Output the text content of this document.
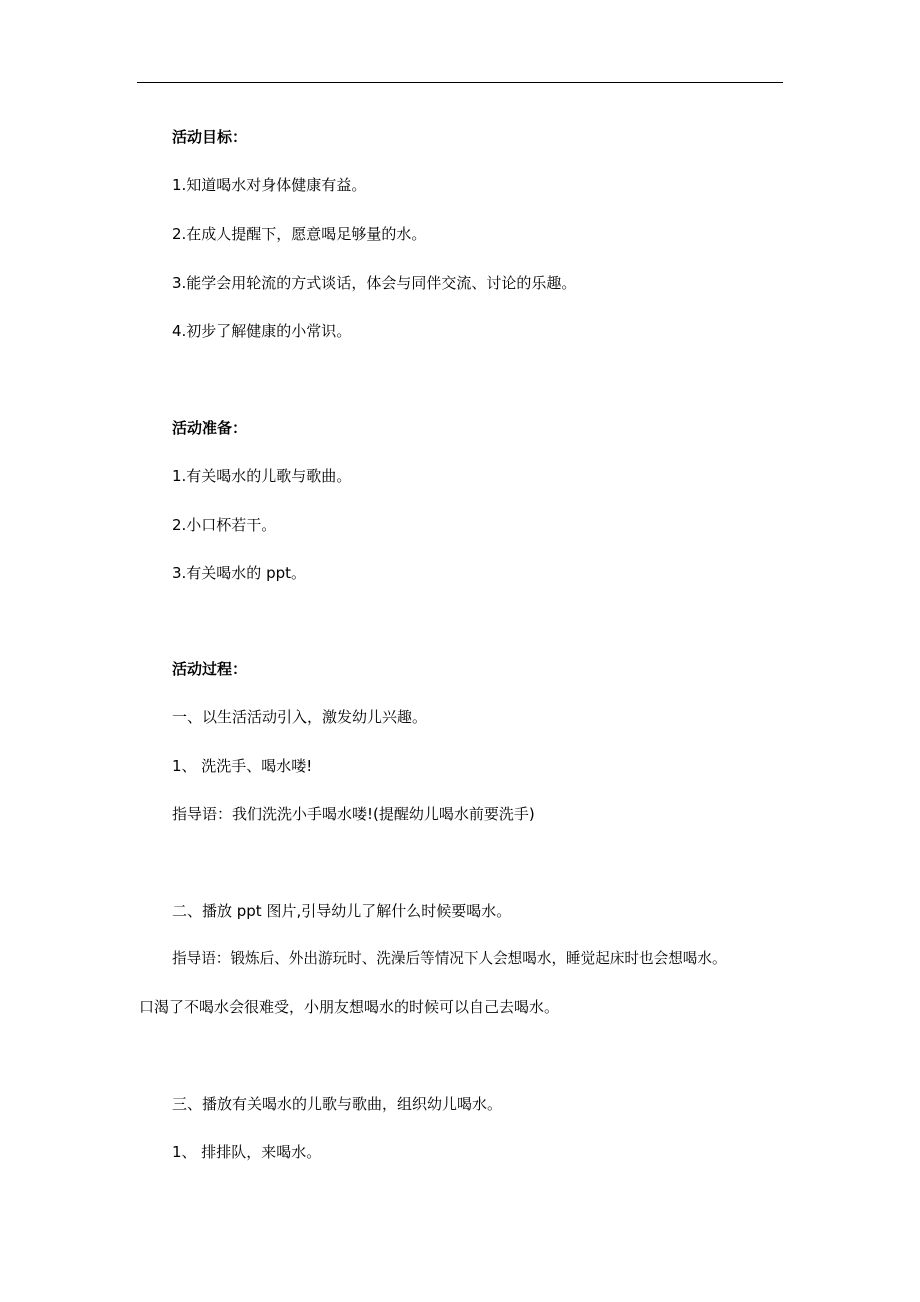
活动目标：
1.知道喝水对身体健康有益。
2.在成人提醒下，愿意喝足够量的水。
3.能学会用轮流的方式谈话，体会与同伴交流、讨论的乐趣。
4.初步了解健康的小常识。
活动准备：
1.有关喝水的儿歌与歌曲。
2.小口杯若干。
3.有关喝水的 ppt。
活动过程：
一、以生活活动引入，激发幼儿兴趣。
1、 洗洗手、喝水喽!
指导语：我们洗洗小手喝水喽!(提醒幼儿喝水前要洗手)
二、播放 ppt 图片,引导幼儿了解什么时候要喝水。
指导语：锻炼后、外出游玩时、洗澡后等情况下人会想喝水，睡觉起床时也会想喝水。
口渴了不喝水会很难受，小朋友想喝水的时候可以自己去喝水。
三、播放有关喝水的儿歌与歌曲，组织幼儿喝水。
1、 排排队，来喝水。
